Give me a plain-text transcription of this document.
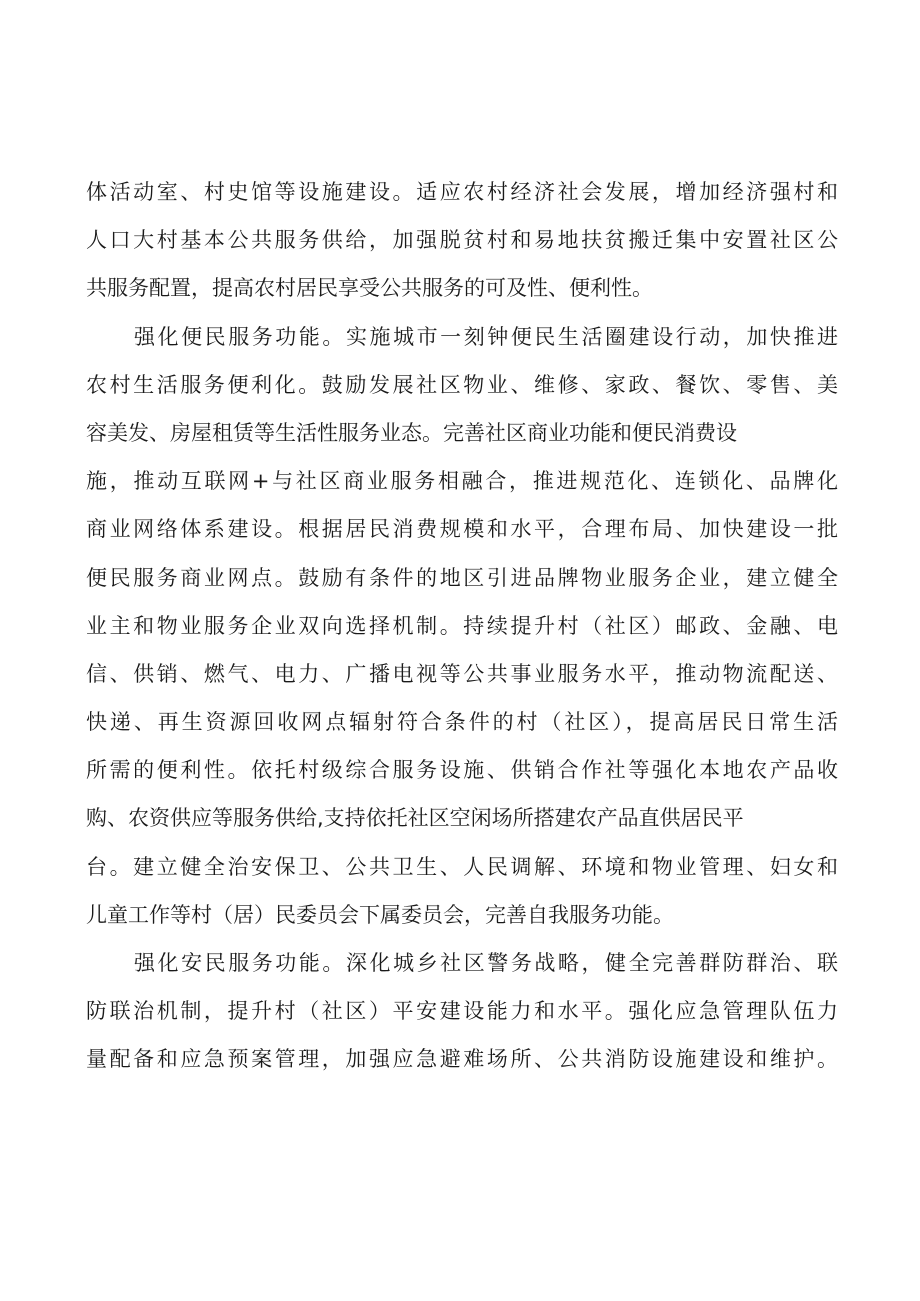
体活动室、村史馆等设施建设。适应农村经济社会发展，增加经济强村和
人口大村基本公共服务供给，加强脱贫村和易地扶贫搬迁集中安置社区公
共服务配置，提高农村居民享受公共服务的可及性、便利性。
强化便民服务功能。实施城市一刻钟便民生活圈建设行动，加快推进
农村生活服务便利化。鼓励发展社区物业、维修、家政、餐饮、零售、美
容美发、房屋租赁等生活性服务业态。完善社区商业功能和便民消费设
施，推动互联网+与社区商业服务相融合，推进规范化、连锁化、品牌化
商业网络体系建设。根据居民消费规模和水平，合理布局、加快建设一批
便民服务商业网点。鼓励有条件的地区引进品牌物业服务企业，建立健全
业主和物业服务企业双向选择机制。持续提升村（社区）邮政、金融、电
信、供销、燃气、电力、广播电视等公共事业服务水平，推动物流配送、
快递、再生资源回收网点辐射符合条件的村（社区），提高居民日常生活
所需的便利性。依托村级综合服务设施、供销合作社等强化本地农产品收
购、农资供应等服务供给,支持依托社区空闲场所搭建农产品直供居民平
台。建立健全治安保卫、公共卫生、人民调解、环境和物业管理、妇女和
儿童工作等村（居）民委员会下属委员会，完善自我服务功能。
强化安民服务功能。深化城乡社区警务战略，健全完善群防群治、联
防联治机制，提升村（社区）平安建设能力和水平。强化应急管理队伍力
量配备和应急预案管理，加强应急避难场所、公共消防设施建设和维护。
